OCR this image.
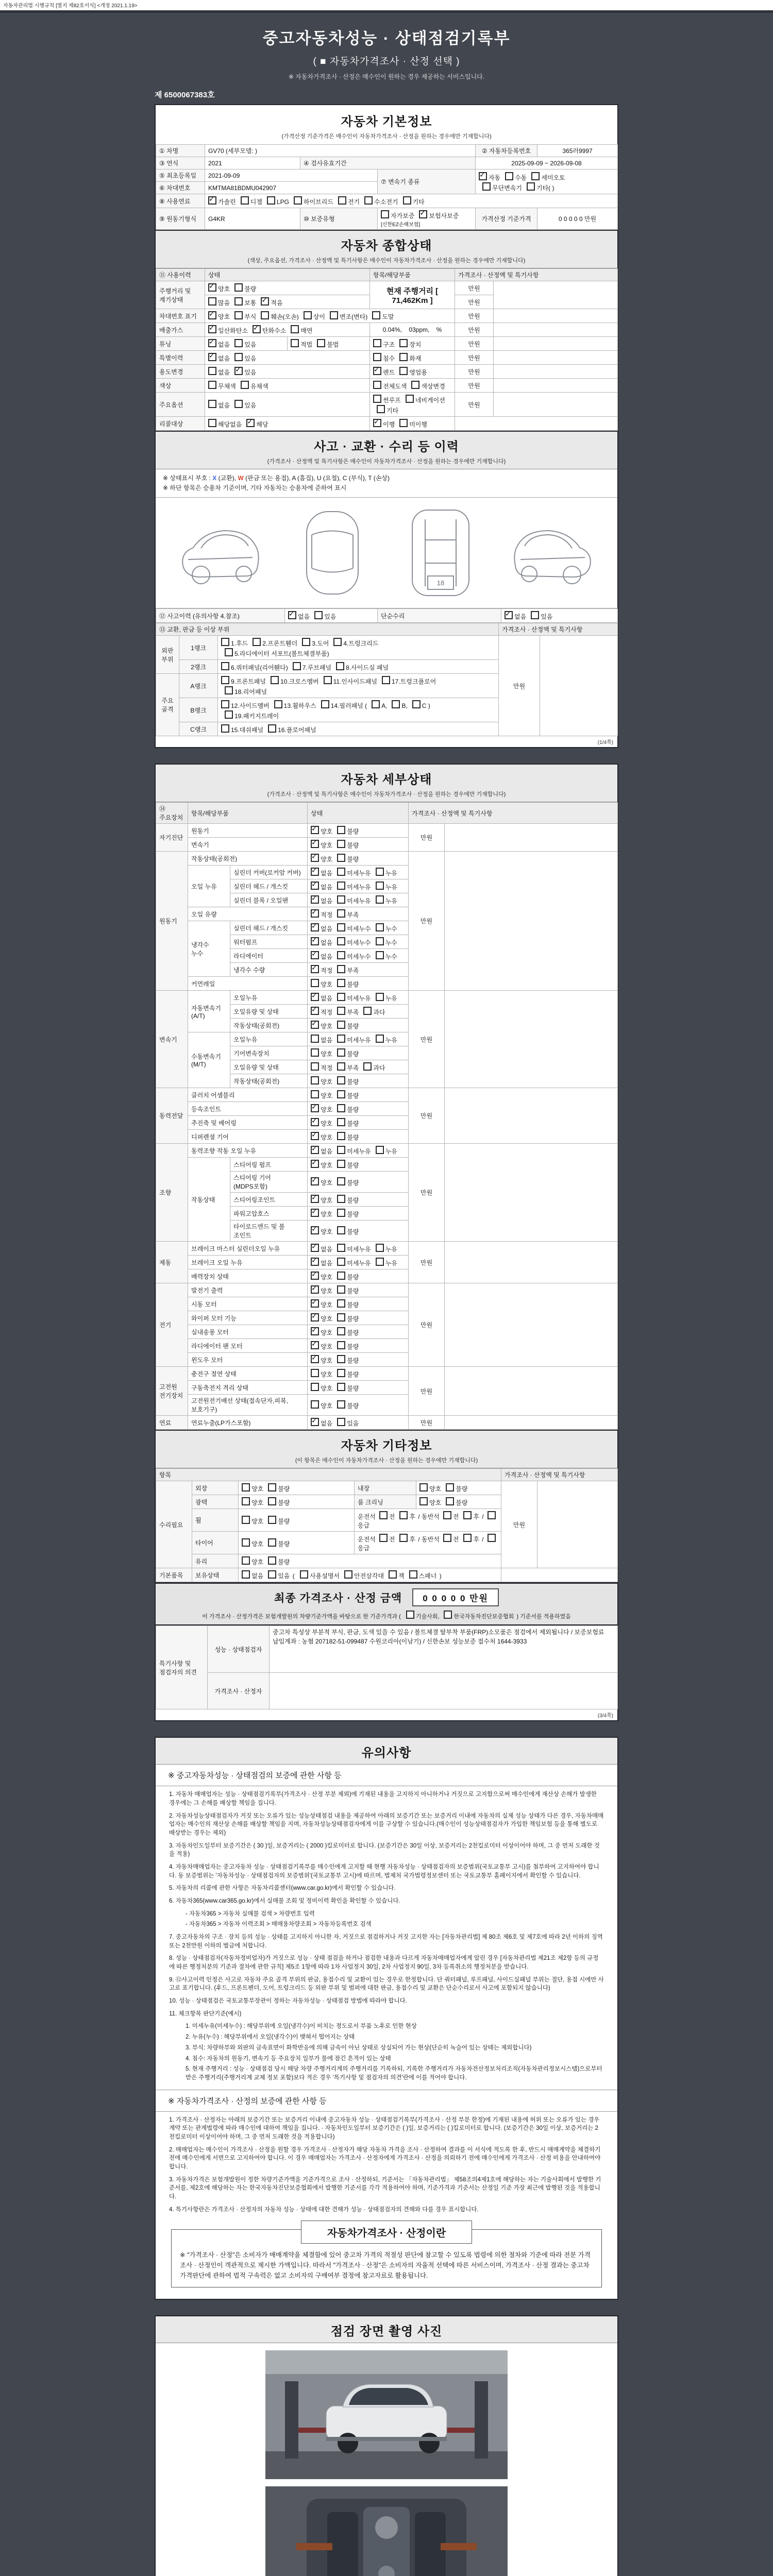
자동차관리법 시행규칙 [별지 제82호서식] <개정 2021.1.19>
중고자동차성능 · 상태점검기록부
( ■ 자동차가격조사 · 산정 선택 )
※ 자동차가격조사 · 산정은 매수인이 원하는 경우 제공하는 서비스입니다.
제 6500067383호
자동차 기본정보
(가격산정 기준가격은 매수인이 자동차가격조사 · 산정을 원하는 경우에만 기재합니다)
① 차명	GV70 (세부모델: )			② 자동차등록번호	365러9997
③ 연식	2021	④ 검사유효기간		2025-09-09 ~ 2026-09-08	
⑤ 최초등록일	2021-09-09		⑦ 변속기 종류	✓자동 수동 세미오토
무단변속기 기타( )
⑥ 차대번호	KMTMA81BDMU042907				
⑧ 사용연료	✓가솔린 디젤 LPG 하이브리드 전기 수소전기 기타
⑨ 원동기형식	G4KR	⑩ 보증유형	자가보증 ✓ 보험사보증
[신한EZ손해보험]	가격산정 기준가격	0 0 0 0 0 만원
자동차 종합상태
(색상, 주요옵션, 가격조사 · 산정액 및 특기사항은 매수인이 자동차가격조사 · 산정을 원하는 경우에만 기재합니다)
⑪ 사용이력	상태		항목/해당부품	가격조사 · 산정액 및 특기사항	
주행거리 및
계기상태	✓양호 불량		현재 주행거리 [ 71,462Km ]	만원	
	많음 보통 ✓ 적음			만원	
차대번호 표기	✓양호 부식 훼손(오손) 상이 변조(변타) 도말			만원	
배출가스	✓일산화탄소 ✓ 탄화수소 매연		0.04%,    03ppm,    %	만원	
튜닝	✓없음 있음	적법 불법	구조 장치	만원	
특별이력	✓없음 있음		침수 화재	만원	
용도변경	없음 ✓ 있음	✓렌트 영업용	만원	
색상	무채색 유채색		전체도색 색상변경	만원	
주요옵션	없음 있음		썬루프 네비게이션기타	만원	
리콜대상	해당없음 ✓ 해당	✓이행 미이행	
사고 · 교환 · 수리 등 이력
(가격조사 · 산정액 및 특기사항은 매수인이 자동차가격조사 · 산정을 원하는 경우에만 기재합니다)
※ 상태표시 부호 : X (교환), W (판금 또는 용접), A (흠집), U (요철), C (부식), T (손상)
※ 하단 항목은 승용차 기준이며, 기타 자동차는 승용차에 준하여 표시
18
⑫ 사고이력 (유의사항 4.참조)	✓없음 있음	단순수리	✓없음 있음
⑬ 교환, 판금 등 이상 부위			가격조사 · 산정액 및 특기사항	
외판
부위	1랭크	1.후드 2.프론트휀더 3.도어 4.트렁크리드
5.라디에이터 서포트(볼트체결부품)	만원	
	2랭크	6.쿼터패널(리어휀다) 7.루브패널 8.사이드실 패널		
주요
골격	A랭크	9.프론트패널 10.크로스멤버 11.인사이드패널 17.트렁크플로어
18.리어패널		
	B랭크	12.사이드멤버 13.휠하우스 14.필러패널 ( A, B, C )
19.패키지트레이		
	C랭크	15.대쉬패널 16.플로어패널		
(1/4쪽)
자동차 세부상태
(가격조사 · 산정액 및 특기사항은 매수인이 자동차가격조사 · 산정을 원하는 경우에만 기재합니다)
⑭ 주요장치	항목/해당부품		상태	가격조사 · 산정액 및 특기사항	
자기진단	원동기	✓양호 불량	만원	
	변속기	✓양호 불량
원동기	작동상태(공회전)	✓양호 불량	만원	
	오일 누유	실린더 커버(로커암 커버)	✓없음 미세누유 누유
		실린더 헤드 / 개스킷	✓없음 미세누유 누유
		실린더 블록 / 오일팬	✓없음 미세누유 누유
	오일 유량	✓적정 부족
	냉각수
누수	실린더 헤드 / 개스킷	✓없음 미세누수 누수
		워터펌프	✓없음 미세누수 누수
		라디에이터	✓없음 미세누수 누수
		냉각수 수량	✓적정 부족
	커먼레일		양호 불량		
변속기	자동변속기
(A/T)	오일누유	✓없음 미세누유 누유	만원	
		오일유량 및 상태	✓적정 부족 과다
		작동상태(공회전)	✓양호 불량
	수동변속기
(M/T)	오일누유	없음 미세누유 누유		
		기어변속장치	양호 불량		
		오일유량 및 상태	적정 부족 과다		
		작동상태(공회전)	양호 불량		
동력전달	클러치 어셈블리		양호 불량	만원	
	등속조인트	✓양호 불량
	추진축 및 베어링	✓양호 불량
	디퍼렌셜 기어	✓양호 불량
조향	동력조향 작동 오일 누유	✓없음 미세누유 누유	만원	
	작동상태	스티어링 펌프	✓양호 불량
		스티어링 기어(MDPS포함)	✓양호 불량
		스티어링조인트	✓양호 불량
		파워고압호스	✓양호 불량
		타이로드엔드 및 볼 조인트	✓양호 불량
제동	브레이크 마스터 실린더오일 누유	✓없음 미세누유 누유	만원	
	브레이크 오일 누유	✓없음 미세누유 누유
	배력장치 상태	✓양호 불량
전기	발전기 출력	✓양호 불량	만원	
	시동 모터	✓양호 불량
	와이퍼 모터 기능	✓양호 불량
	실내송풍 모터	✓양호 불량
	라디에이터 팬 모터	✓양호 불량
	윈도우 모터	✓양호 불량
고전원
전기장치	충전구 절연 상태		양호 불량	만원	
	구동축전지 격리 상태		양호 불량		
	고전원전기배선 상태(접속단자,피복,보호기구)		양호 불량		
연료	연료누출(LP가스포함)	✓없음 있음	만원	
자동차 기타정보
(이 항목은 매수인이 자동차가격조사 · 산정을 원하는 경우에만 기재합니다)
항목					가격조사 · 산정액 및 특기사항	
수리필요	외장	양호 불량	내장	양호 불량	만원	
	광택	양호 불량	룸 크리닝	양호 불량		
	휠	양호 불량	운전석 전 후 / 동반석 전 후 /응급			
	타이어	양호 불량	운전석 전 후 / 동반석 전 후 /응급			
	유리	양호 불량				
기본품목	보유상태	없음 있음 ( 사용설명서 안전삼각대 잭 스패너 )				
최종 가격조사 · 산정 금액	0 0 0 0 0 만원
이 가격조사 · 산정가격은 보험개발원의 차량기준가액을 바탕으로 한 기준가격과 ( 기술사회,	한국자동차진단보증협회 ) 기준서를 적용하였음
특기사항 및
점검자의 의견	성능 · 상태점검자	중고차 특성상 부분적 부식, 판금, 도색 있을 수 있음 / 볼트체결 탈부착 부품(FRP)소모품은 점검에서 제외됩니다 / 보증보험료 납입계좌 : 농협 207182-51-099487 수원코리아(이남기) / 신한손보 성능보증 접수처 1644-3933
	가격조사 · 산정자	
(3/4쪽)
유의사항
※ 중고자동차성능 · 상태점검의 보증에 관한 사항 등
1. 자동차 매매업자는 성능 · 상태점검기록부(가격조사 · 산정 부분 제외)에 기재된 내용을 고지하지 아니하거나 거짓으로 고지함으로써 매수인에게 재산상 손해가 발생한 경우에는 그 손해를 배상할 책임을 집니다.
2. 자동차성능상태점검자가 거짓 또는 오류가 있는 성능상태점검 내용을 제공하여 아래의 보증기간 또는 보증거리 이내에 자동차의 실제 성능 상태가 다른 경우, 자동차매매업자는 매수인의 재산상 손해를 배상할 책임을 지며, 자동차성능상태점검자에게 이를 구상할 수 있습니다.(매수인이 성능상태점검자가 가입한 책임보험 등을 통해 별도로 배상받는 경우는 제외)
3. 자동차인도일부터 보증기간은 ( 30 )일, 보증거리는 ( 2000 )킬로미터로 합니다. (보증기간은 30일 이상, 보증거리는 2천킬로미터 이상이어야 하며, 그 중 먼저 도래한 것을 적용)
4. 자동차매매업자는 중고자동차 성능 · 상태점검기록부를 매수인에게 고지할 때 현행 자동차성능 · 상태점검자의 보증범위(국토교통부 고시)를 첨부하여 고지하여야 합니다. 동 보증범위는 '자동차성능 · 상태점검자의 보증범위'(국토교통부 고시)에 따르며, 법제처 국가법령정보센터 또는 국토교통부 홈페이지에서 확인할 수 있습니다.
5. 자동차의 리콜에 관한 사항은 자동차리콜센터(www.car.go.kr)에서 확인할 수 있습니다.
6. 자동차365(www.car365.go.kr)에서 실매물 조회 및 정비이력 확인을 확인할 수 있습니다.
- 자동차365 > 자동차 실매물 검색 > 차량번호 입력
- 자동차365 > 자동차 이력조회 > 매매용차량조회 > 자동차등록번호 검색
7. 중고자동차의 구조 · 장치 등의 성능 · 상태를 고지하지 아니한 자, 거짓으로 점검하거나 거짓 고지한 자는 [자동차관리법] 제 80조 제6호 및 제7호에 따라 2년 이하의 징역 또는 2천만원 이하의 벌금에 처합니다.
8. 성능 · 상태점검자(자동차정비업자)가 거짓으로 성능 · 상태 점검을 하거나 점검한 내용과 다르게 자동차매매업자에게 알린 경우 [자동차관리법 제21조 제2항 등의 규정에 따른 행정처분의 기준과 절차에 관한 규칙] 제5조 1항에 따라 1차 사업정지 30일, 2차 사업정지 90일, 3차 등록취소의 행정처분을 받습니다.
9. ⑫사고이력 인정은 사고로 자동차 주요 골격 부위의 판금, 용접수리 및 교환이 있는 경우로 한정합니다. 단 쿼터패널, 루프패널, 사이드실패널 부위는 절단, 용접 시에만 사고로 표기합니다. (후드, 프론트펜더, 도어, 트렁크리드 등 외판 부위 및 범퍼에 대한 판금, 용접수리 및 교환은 단순수리로서 사고에 포함되지 않습니다)
10. 성능 · 상태점검은 국토교통부장관이 정하는 자동차성능 · 상태점검 방법에 따라야 합니다.
11. 체크항목 판단기준(예시)
1. 미세누유(미세누수) : 해당부위에 오일(냉각수)이 비치는 정도로서 부품 노후로 인한 현상
2. 누유(누수) : 해당부위에서 오일(냉각수)이 맺혀서 떨어지는 상태
3. 부식: 차량하부와 외판의 금속표면이 화학반응에 의해 금속이 아닌 상태로 상실되어 가는 현상(단순히 녹슬어 있는 상태는 제외합니다)
4. 침수: 자동차의 원동기, 변속기 등 주요장치 일부가 물에 잠긴 흔적이 있는 상태
5. 현재 주행거리 : 성능 · 상태점검 당시 해당 차량 주행거리계의 주행거리를 기록하되, 기록한 주행거리가 자동차전산정보처리조직(자동차관리정보시스템)으로부터 받은 주행거리(주행거리계 교체 정보 포함)보다 적은 경우 '특기사항 및 점검자의 의견'란에 이를 적어야 합니다.
※ 자동차가격조사 · 산정의 보증에 관한 사항 등
1. 가격조사 · 산정자는 아래의 보증기간 또는 보증거리 이내에 중고자동차 성능 · 상태점검기록부(가격조사 · 산정 부분 한정)에 기재된 내용에 허위 또는 오류가 있는 경우 계약 또는 관계법령에 따라 매수인에 대하여 책임을 집니다. · 자동차인도일부터 보증기간은 ( )일, 보증거리는 ( )킬로미터로 합니다. (보증기간은 30일 이상, 보증거리는 2천킬로미터 이상이어야 하며, 그 중 먼저 도래한 것을 적용합니다)
2. 매매업자는 매수인이 가격조사 · 산정을 원할 경우 가격조사 · 산정자가 해당 자동차 가격을 조사 · 산정하여 결과를 이 서식에 적도록 한 후, 반드시 매매계약을 체결하기 전에 매수인에게 서면으로 고지하여야 합니다. 이 경우 매매업자는 가격조사 · 산정자에게 가격조사 · 산정을 의뢰하기 전에 매수인에게 가격조사 · 산정 비용을 안내하여야 합니다.
3. 자동차가격은 보험개발원이 정한 차량기준가액을 기준가격으로 조사 · 산정하되, 기준서는 「자동차관리법」 제58조의4제1호에 해당하는 자는 기술사회에서 발행한 기준서를, 제2호에 해당하는 자는 한국자동차진단보증협회에서 발행한 기준서를 각각 적용하여야 하며, 기준가격과 기준서는 산정일 기준 가장 최근에 발행된 것을 적용합니다.
4. 특기사항란은 가격조사 · 산정자의 자동차 성능 · 상태에 대한 견해가 성능 · 상태점검자의 견해와 다를 경우 표시합니다.
자동차가격조사 · 산정이란
※ "가격조사 · 산정"은 소비자가 매매계약을 체결함에 있어 중고차 가격의 적절성 판단에 참고할 수 있도록 법령에 의한 절차와 기준에 따라 전문 가격조사 · 산정인이 객관적으로 제시한 가액입니다. 따라서 "가격조사 · 산정"은 소비자의 자율적 선택에 따른 서비스이며, 가격조사 · 산정 결과는 중고차 가격판단에 관하여 법적 구속력은 없고 소비자의 구매여부 결정에 참고자료로 활용됩니다.
점검 장면 촬영 사진
